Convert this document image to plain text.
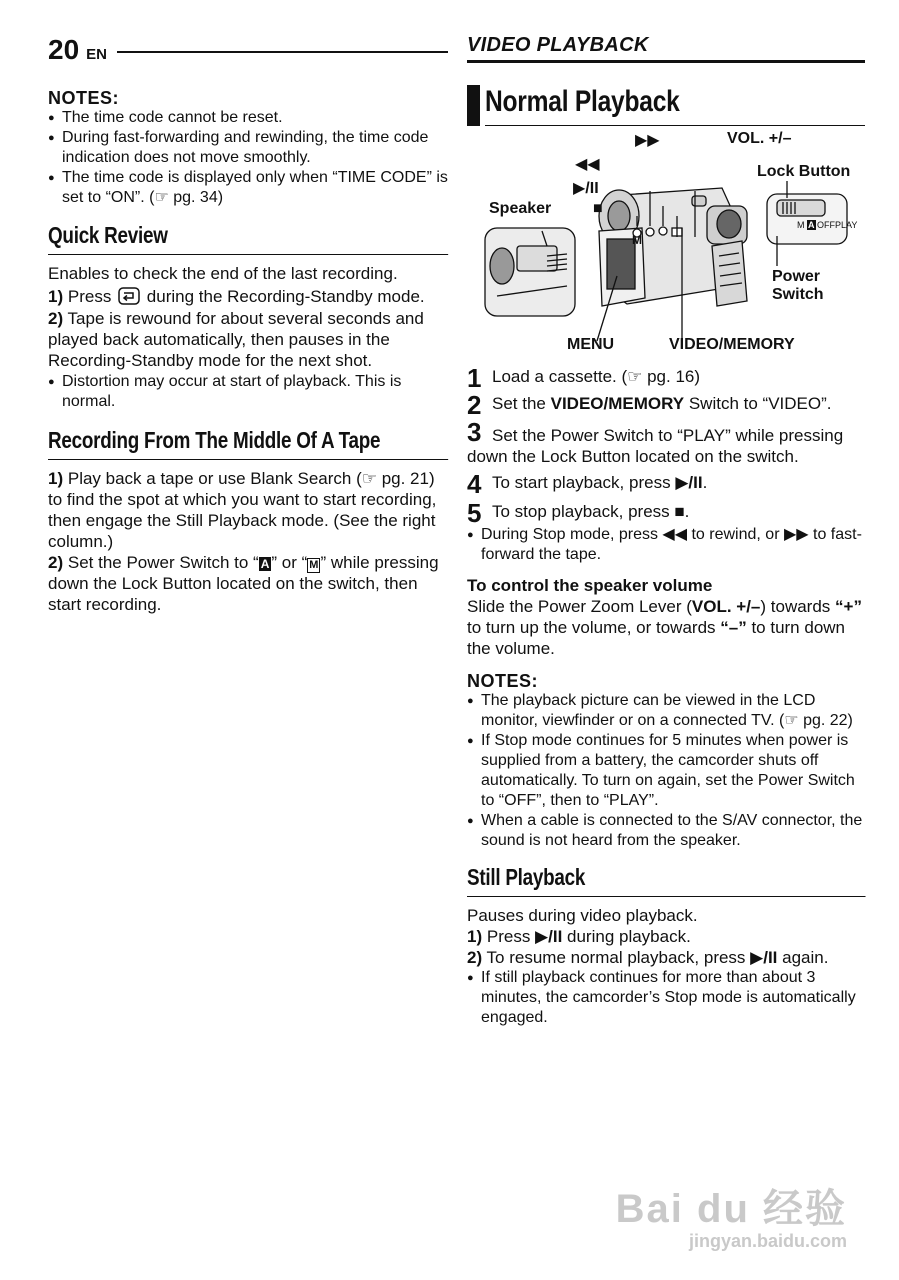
20 EN
NOTES:
● The time code cannot be reset.
● During fast-forwarding and rewinding, the time code indication does not move smoothly.
● The time code is displayed only when “TIME CODE” is set to “ON”. (☞ pg. 34)
Quick Review

Enables to check the end of the last recording.

1) Press during the Recording-Standby mode.

2) Tape is rewound for about several seconds and played back automatically, then pauses in the Recording-Standby mode for the next shot.

● Distortion may occur at start of playback. This is normal.
Recording From The Middle Of A Tape

1) Play back a tape or use Blank Search (☞ pg. 21) to find the spot at which you want to start recording, then engage the Still Playback mode. (See the right column.)

2) Set the Power Switch to “ A ” or “ M ” while pressing down the Lock Button located on the switch, then start recording.

VIDEO PLAYBACK
Normal Playback
M
M A OFF PLAY
▶▶	VOL. +/–
◀◀	Lock Button
▶/II
Speaker	■
Power
Switch
MENU	VIDEO/MEMORY
1 Load a cassette. (☞ pg. 16)
2 Set the VIDEO/MEMORY Switch to “VIDEO”.
3 Set the Power Switch to “PLAY” while pressing down the Lock Button located on the switch.
4 To start playback, press ▶/II.
5 To stop playback, press ■.
● During Stop mode, press ◀◀ to rewind, or ▶▶ to fast-forward the tape.
To control the speaker volume

Slide the Power Zoom Lever (VOL. +/–) towards “+” to turn up the volume, or towards “–” to turn down the volume.

NOTES:
● The playback picture can be viewed in the LCD monitor, viewfinder or on a connected TV. (☞ pg. 22)
● If Stop mode continues for 5 minutes when power is supplied from a battery, the camcorder shuts off automatically. To turn on again, set the Power Switch to “OFF”, then to “PLAY”.
● When a cable is connected to the S/AV connector, the sound is not heard from the speaker.
Still Playback

Pauses during video playback.

1) Press ▶/II during playback.

2) To resume normal playback, press ▶/II again.

● If still playback continues for more than about 3 minutes, the camcorder’s Stop mode is automatically engaged.
Bai du 经验
jingyan.baidu.com
